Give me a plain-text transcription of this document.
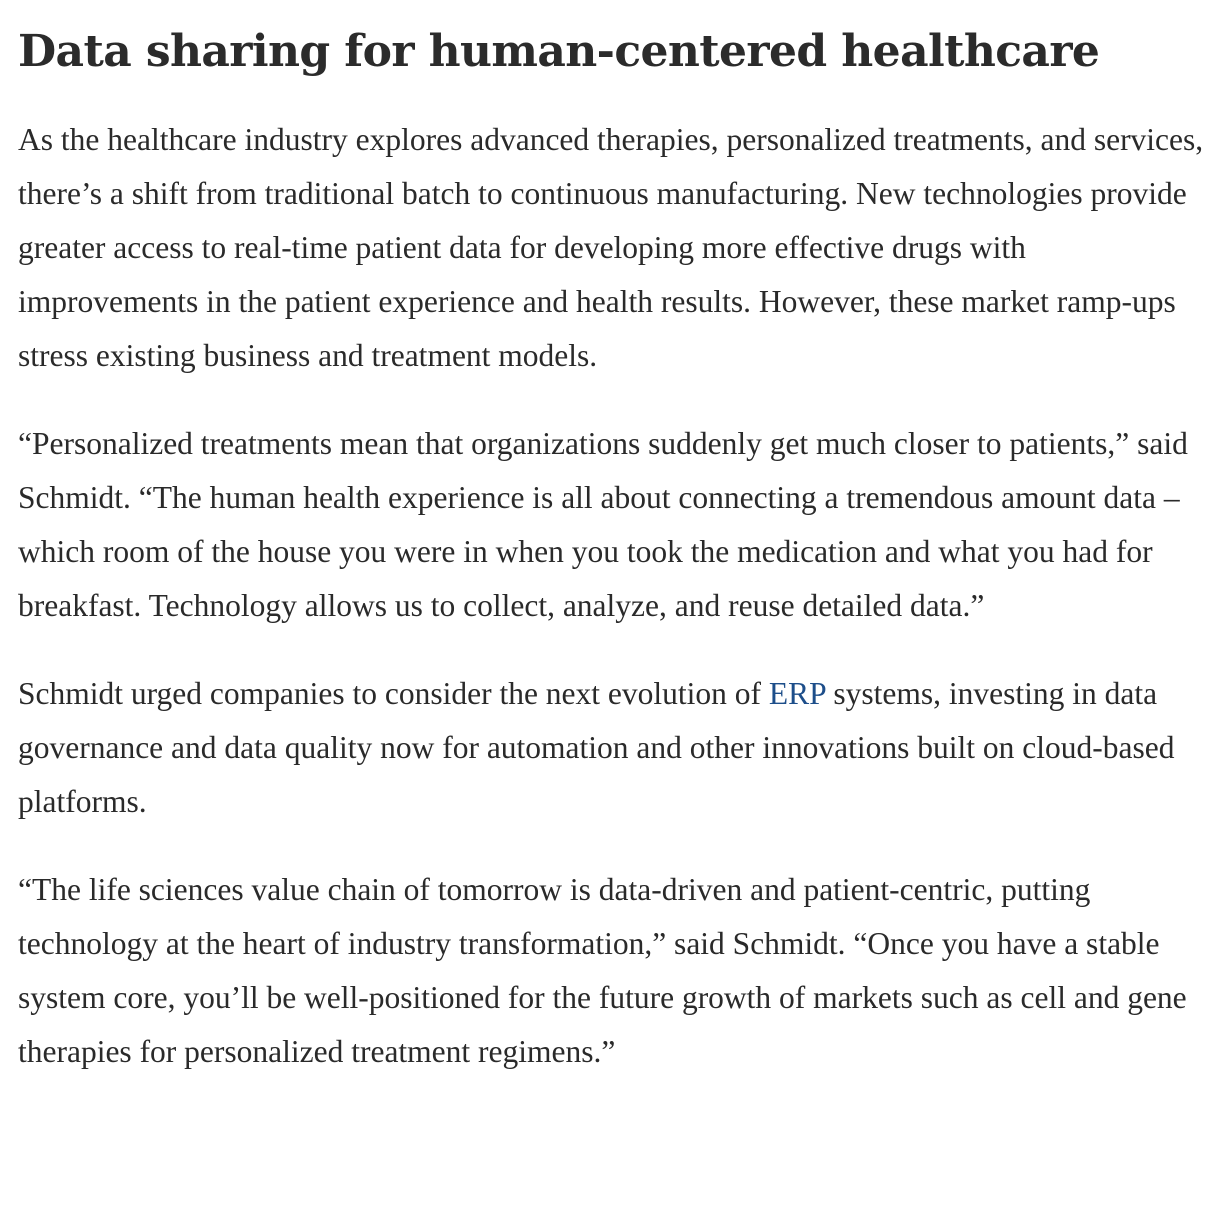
Data sharing for human-centered healthcare

As the healthcare industry explores advanced therapies, personalized treatments, and services, there’s a shift from traditional batch to continuous manufacturing. New technologies provide greater access to real-time patient data for developing more effective drugs with improvements in the patient experience and health results. However, these market ramp-ups stress existing business and treatment models.

“Personalized treatments mean that organizations suddenly get much closer to patients,” said Schmidt. “The human health experience is all about connecting a tremendous amount data – which room of the house you were in when you took the medication and what you had for breakfast. Technology allows us to collect, analyze, and reuse detailed data.”

Schmidt urged companies to consider the next evolution of ERP systems, investing in data governance and data quality now for automation and other innovations built on cloud-based platforms.

“The life sciences value chain of tomorrow is data-driven and patient-centric, putting technology at the heart of industry transformation,” said Schmidt. “Once you have a stable system core, you’ll be well-positioned for the future growth of markets such as cell and gene therapies for personalized treatment regimens.”
